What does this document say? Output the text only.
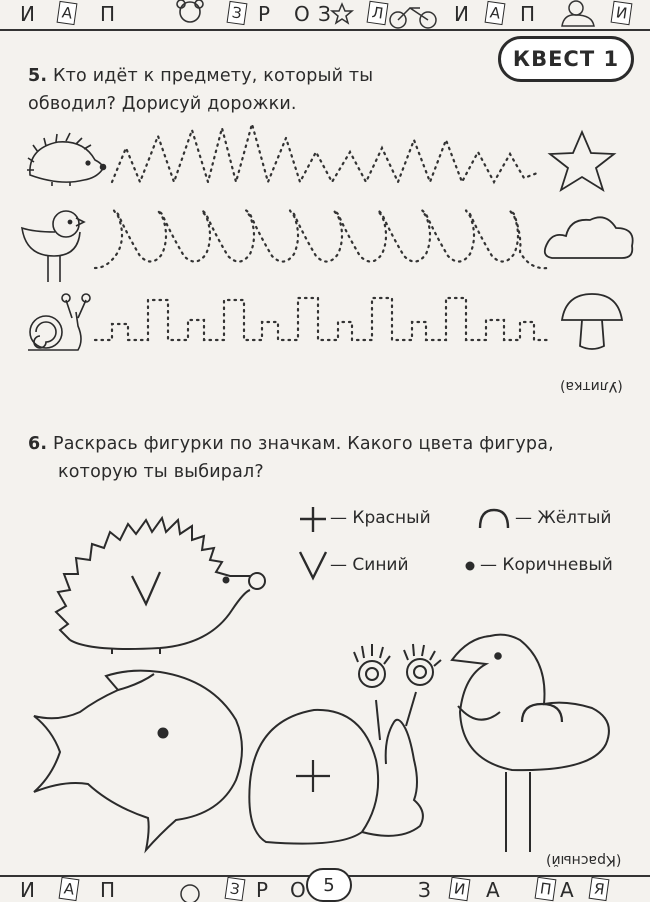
И А П	З Р О З	Л	И А П	И
КВЕСТ 1
5. Кто идёт к предмету, который ты
обводил? Дорисуй дорожки.
(Улитка)
6. Раскрась фигурки по значкам. Какого цвета фигура,
которую ты выбирал?
— Красный	— Жёлтый
— Синий	— Коричневый
(Красный)
И А П	З Р О	З И А	П А Я
5
